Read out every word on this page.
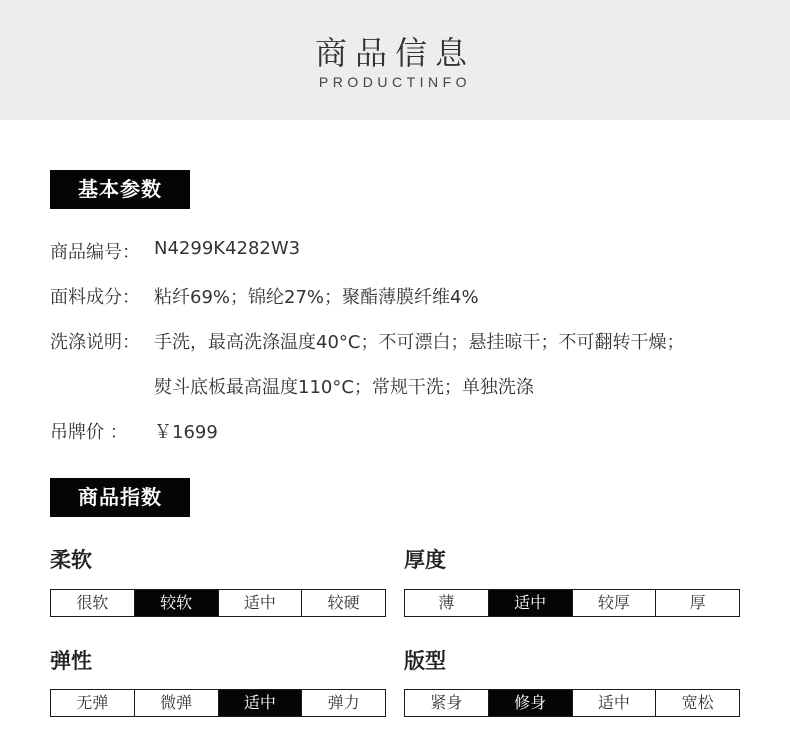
商品信息
PRODUCTINFO
基本参数
商品编号： N4299K4282W3
面料成分： 粘纤69%；锦纶27%；聚酯薄膜纤维4%
洗涤说明： 手洗，最高洗涤温度40°C；不可漂白；悬挂晾干；不可翻转干燥；
熨斗底板最高温度110°C；常规干洗；单独洗涤
吊牌价 ： ￥1699
商品指数
柔软
很软	较软	适中	较硬
厚度
薄	适中	较厚	厚
弹性
无弹	微弹	适中	弹力
版型
紧身	修身	适中	宽松
